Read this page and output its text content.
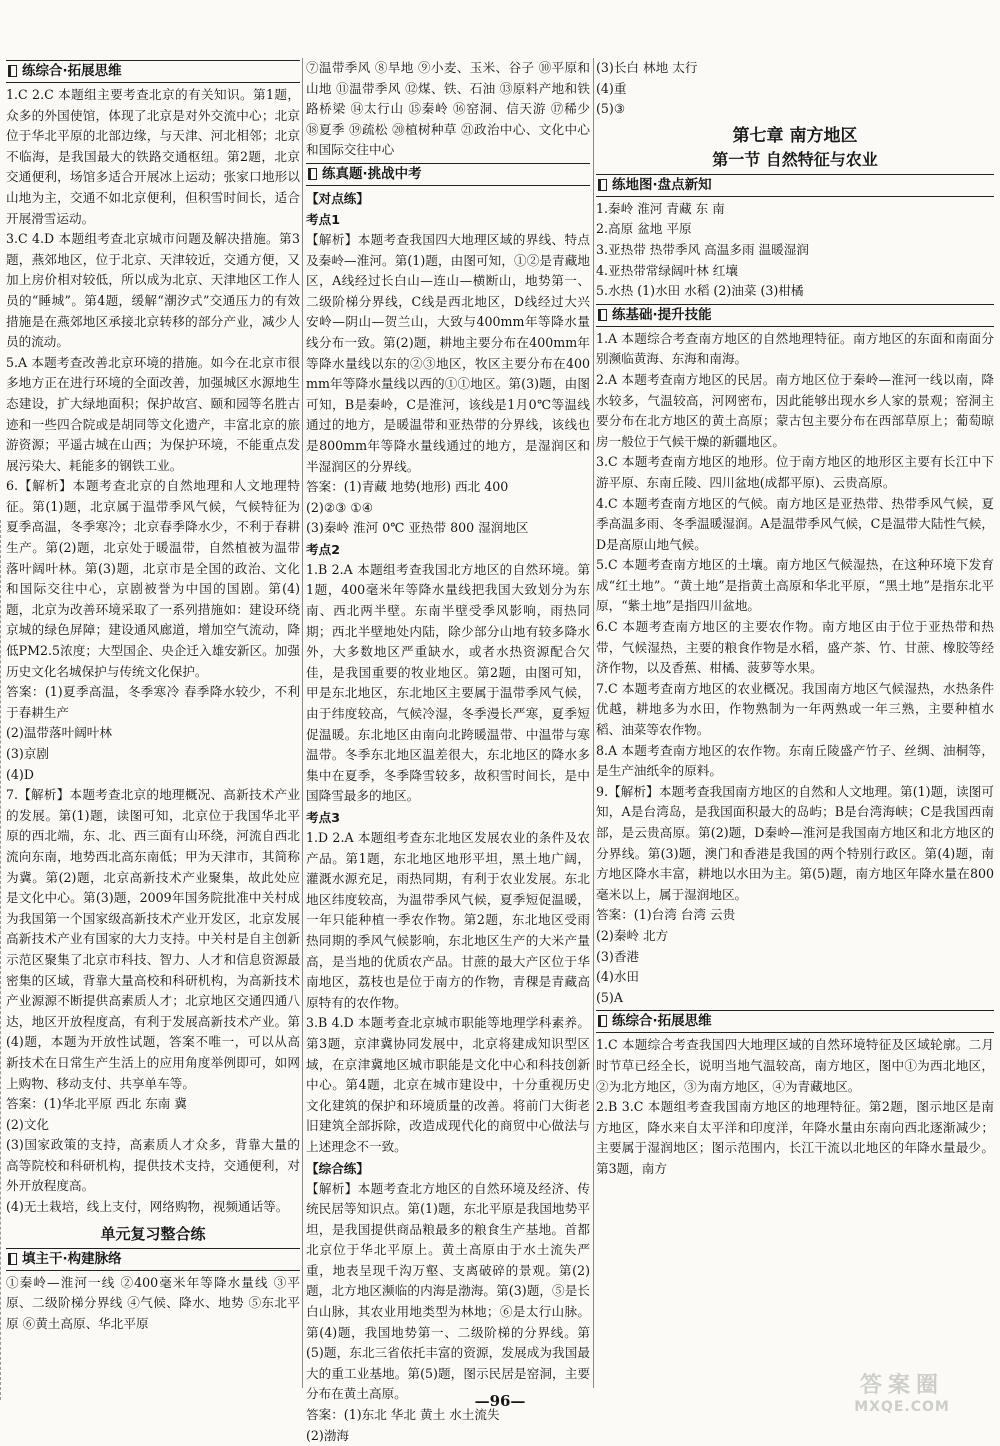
练综合·拓展思维

1.C 2.C 本题组主要考查北京的有关知识。第1题，众多的外国使馆，体现了北京是对外交流中心；北京位于华北平原的北部边缘，与天津、河北相邻；北京不临海，是我国最大的铁路交通枢纽。第2题，北京交通便利，场馆多适合开展冰上运动；张家口地形以山地为主，交通不如北京便利，但积雪时间长，适合开展滑雪运动。

3.C 4.D 本题组考查北京城市问题及解决措施。第3题，燕郊地区，位于北京、天津较近，交通方便，又加上房价相对较低，所以成为北京、天津地区工作人员的“睡城”。第4题，缓解“潮汐式”交通压力的有效措施是在燕郊地区承接北京转移的部分产业，减少人员的流动。

5.A 本题考查改善北京环境的措施。如今在北京市很多地方正在进行环境的全面改善，加强城区水源地生态建设，扩大绿地面积；保护故宫、颐和园等名胜古迹和一些四合院或是胡同等文化遗产，丰富北京的旅游资源；平遥古城在山西；为保护环境，不能重点发展污染大、耗能多的钢铁工业。

6.【解析】本题考查北京的自然地理和人文地理特征。第(1)题，北京属于温带季风气候，气候特征为夏季高温，冬季寒冷；北京春季降水少，不利于春耕生产。第(2)题，北京处于暖温带，自然植被为温带落叶阔叶林。第(3)题，北京市是全国的政治、文化和国际交往中心，京剧被誉为中国的国剧。第(4)题，北京为改善环境采取了一系列措施如：建设环绕京城的绿色屏障；建设通风廊道，增加空气流动，降低PM2.5浓度；大型国企、央企迁入雄安新区。加强历史文化名城保护与传统文化保护。

答案：(1)夏季高温，冬季寒冷 春季降水较少，不利于春耕生产

(2)温带落叶阔叶林

(3)京剧

(4)D

7.【解析】本题考查北京的地理概况、高新技术产业的发展。第(1)题，读图可知，北京位于我国华北平原的西北端，东、北、西三面有山环绕，河流自西北流向东南，地势西北高东南低；甲为天津市，其简称为冀。第(2)题，北京高新技术产业聚集，故此处应是文化中心。第(3)题，2009年国务院批准中关村成为我国第一个国家级高新技术产业开发区，北京发展高新技术产业有国家的大力支持。中关村是自主创新示范区聚集了北京市科技、智力、人才和信息资源最密集的区域，背靠大量高校和科研机构，为高新技术产业源源不断提供高素质人才；北京地区交通四通八达，地区开放程度高，有利于发展高新技术产业。第(4)题，本题为开放性试题，答案不唯一，可以从高新技术在日常生产生活上的应用角度举例即可，如网上购物、移动支付、共享单车等。

答案：(1)华北平原 西北 东南 冀

(2)文化

(3)国家政策的支持，高素质人才众多，背靠大量的高等院校和科研机构，提供技术支持，交通便利，对外开放程度高。

(4)无土栽培，线上支付，网络购物，视频通话等。

单元复习整合练
填主干·构建脉络

①秦岭—淮河一线 ②400毫米年等降水量线 ③平原、二级阶梯分界线 ④气候、降水、地势 ⑤东北平原 ⑥黄土高原、华北平原

⑦温带季风 ⑧旱地 ⑨小麦、玉米、谷子 ⑩平原和山地 ⑪温带季风 ⑫煤、铁、石油 ⑬原料产地和铁路桥梁 ⑭太行山 ⑮秦岭 ⑯窑洞、信天游 ⑰稀少 ⑱夏季 ⑲疏松 ⑳植树种草 ㉑政治中心、文化中心和国际交往中心

练真题·挑战中考
【对点练】
考点1

【解析】本题考查我国四大地理区域的界线、特点及秦岭—淮河。第(1)题，由图可知，①②是青藏地区，A线经过长白山—连山—横断山，地势第一、二级阶梯分界线，C线是西北地区，D线经过大兴安岭—阴山—贺兰山，大致与400mm年等降水量线分布一致。第(2)题，耕地主要分布在400mm年等降水量线以东的②③地区，牧区主要分布在400mm年等降水量线以西的①①地区。第(3)题，由图可知，B是秦岭，C是淮河，该线是1月0℃等温线通过的地方，是暖温带和亚热带的分界线，该线也是800mm年等降水量线通过的地方，是湿润区和半湿润区的分界线。

答案：(1)青藏 地势(地形) 西北 400

(2)②③ ①④

(3)秦岭 淮河 0℃ 亚热带 800 湿润地区

考点2

1.B 2.A 本题组考查我国北方地区的自然环境。第1题，400毫米年等降水量线把我国大致划分为东南、西北两半壁。东南半壁受季风影响，雨热同期；西北半壁地处内陆，除少部分山地有较多降水外，大多数地区严重缺水，或者水热资源配合欠佳，是我国重要的牧业地区。第2题，由图可知，甲是东北地区，东北地区主要属于温带季风气候，由于纬度较高，气候冷湿，冬季漫长严寒，夏季短促温暖。东北地区由南向北跨暖温带、中温带与寒温带。冬季东北地区温差很大，东北地区的降水多集中在夏季，冬季降雪较多，故积雪时间长，是中国降雪最多的地区。

考点3

1.D 2.A 本题组考查东北地区发展农业的条件及农产品。第1题，东北地区地形平坦，黑土地广阔，灌溉水源充足，雨热同期，有利于农业发展。东北地区纬度较高，为温带季风气候，夏季短促温暖，一年只能种植一季农作物。第2题，东北地区受雨热同期的季风气候影响，东北地区生产的大米产量高，是当地的优质农产品。甘蔗的最大产区位于华南地区，荔枝也是位于南方的作物，青稞是青藏高原特有的农作物。

3.B 4.D 本题考查北京城市职能等地理学科素养。第3题，京津冀协同发展中，北京将建成知识型区域，在京津冀地区城市职能是文化中心和科技创新中心。第4题，北京在城市建设中，十分重视历史文化建筑的保护和环境质量的改善。将前门大街老旧建筑全部拆除，改造成现代化的商贸中心做法与上述理念不一致。

【综合练】

【解析】本题考查北方地区的自然环境及经济、传统民居等知识点。第(1)题，东北平原是我国地势平坦，是我国提供商品粮最多的粮食生产基地。首都北京位于华北平原上。黄土高原由于水土流失严重，地表呈现千沟万壑、支离破碎的景观。第(2)题，北方地区濒临的内海是渤海。第(3)题，⑤是长白山脉，其农业用地类型为林地；⑥是太行山脉。第(4)题，我国地势第一、二级阶梯的分界线。第(5)题，东北三省依托丰富的资源，发展成为我国最大的重工业基地。第(5)题，图示民居是窑洞，主要分布在黄土高原。

答案：(1)东北 华北 黄土 水土流失

(2)渤海

(3)长白 林地 太行

(4)重

(5)③

第七章 南方地区
第一节 自然特征与农业
练地图·盘点新知

1.秦岭 淮河 青藏 东 南

2.高原 盆地 平原

3.亚热带 热带季风 高温多雨 温暖湿润

4.亚热带常绿阔叶林 红壤

5.水热 (1)水田 水稻 (2)油菜 (3)柑橘

练基础·提升技能

1.A 本题综合考查南方地区的自然地理特征。南方地区的东面和南面分别濒临黄海、东海和南海。

2.A 本题考查南方地区的民居。南方地区位于秦岭—淮河一线以南，降水较多，气温较高，河网密布，因此能够出现水乡人家的景观；窑洞主要分布在北方地区的黄土高原；蒙古包主要分布在西部草原上；葡萄晾房一般位于气候干燥的新疆地区。

3.C 本题考查南方地区的地形。位于南方地区的地形区主要有长江中下游平原、东南丘陵、四川盆地(成都平原)、云贵高原。

4.C 本题考查南方地区的气候。南方地区是亚热带、热带季风气候，夏季高温多雨、冬季温暖湿润。A是温带季风气候，C是温带大陆性气候，D是高原山地气候。

5.C 本题考查南方地区的土壤。南方地区气候湿热，在这种环境下发育成“红土地”。“黄土地”是指黄土高原和华北平原，“黑土地”是指东北平原，“紫土地”是指四川盆地。

6.C 本题考查南方地区的主要农作物。南方地区由于位于亚热带和热带，气候湿热，主要的粮食作物是水稻，盛产茶、竹、甘蔗、橡胶等经济作物，以及香蕉、柑橘、菠萝等水果。

7.C 本题考查南方地区的农业概况。我国南方地区气候湿热，水热条件优越，耕地多为水田，作物熟制为一年两熟或一年三熟，主要种植水稻、油菜等农作物。

8.A 本题考查南方地区的农作物。东南丘陵盛产竹子、丝绸、油桐等，是生产油纸伞的原料。

9.【解析】本题考查我国南方地区的自然和人文地理。第(1)题，读图可知，A是台湾岛，是我国面积最大的岛屿；B是台湾海峡；C是我国西南部，是云贵高原。第(2)题，D秦岭—淮河是我国南方地区和北方地区的分界线。第(3)题，澳门和香港是我国的两个特别行政区。第(4)题，南方地区降水丰富，耕地以水田为主。第(5)题，南方地区年降水量在800毫米以上，属于湿润地区。

答案：(1)台湾 台湾 云贵

(2)秦岭 北方

(3)香港

(4)水田

(5)A

练综合·拓展思维

1.C 本题综合考查我国四大地理区域的自然环境特征及区域轮廓。二月时节草已经全长，说明当地气温较高，南方地区，图中①为西北地区，②为北方地区，③为南方地区，④为青藏地区。

2.B 3.C 本题组考查我国南方地区的地理特征。第2题，图示地区是南方地区，降水来自太平洋和印度洋，年降水量由东南向西北逐渐减少；主要属于湿润地区；图示范围内，长江干流以北地区的年降水量最少。第3题，南方

—96—
答案圈
MXQE.COM
